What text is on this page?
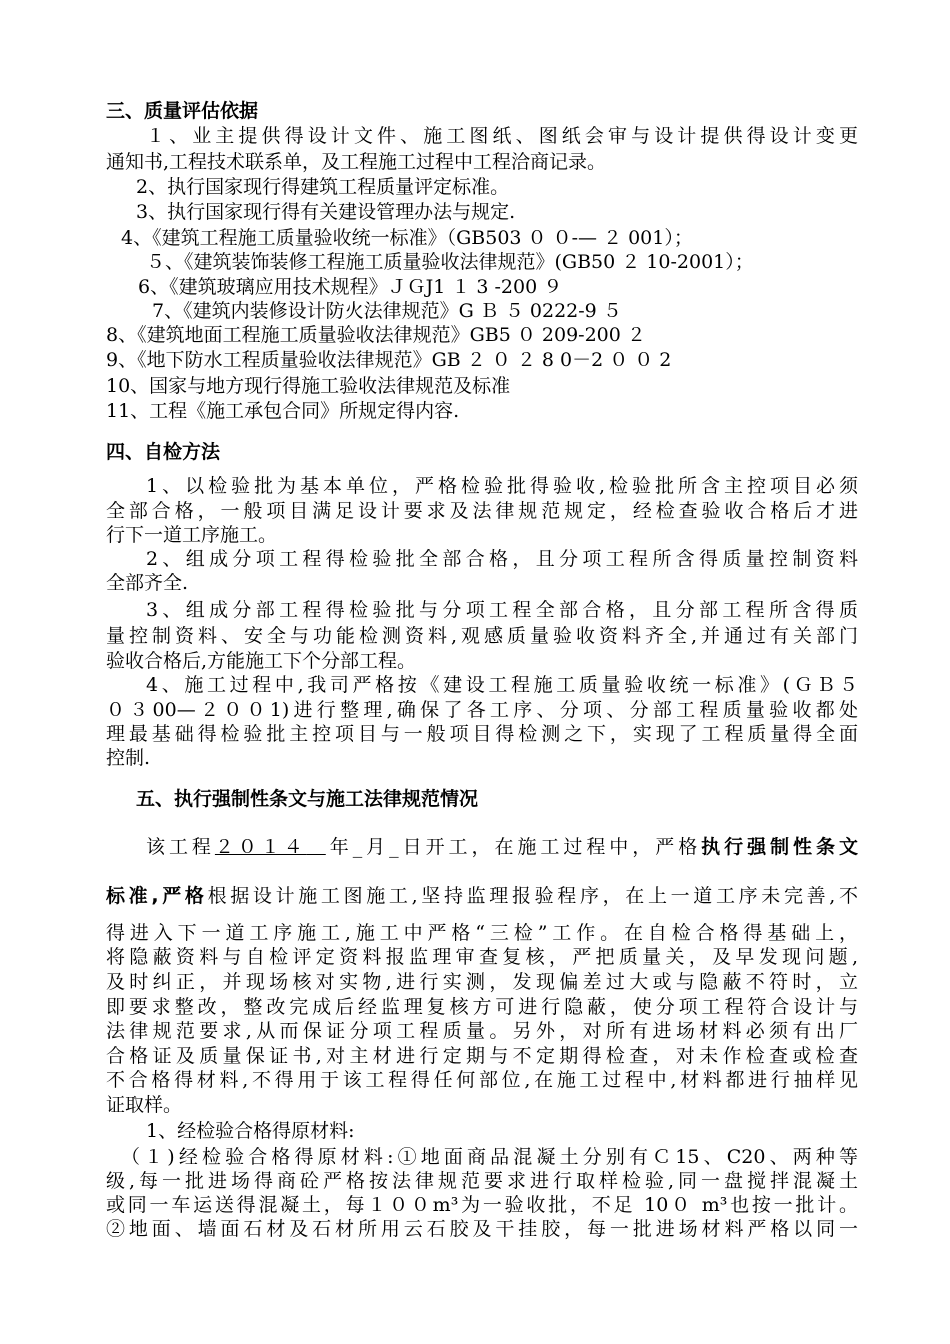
三、质量评估依据
１、业主提供得设计文件、施工图纸、图纸会审与设计提供得设计变更
通知书,工程技术联系单，及工程施工过程中工程洽商记录。
2、执行国家现行得建筑工程质量评定标准。
3、执行国家现行得有关建设管理办法与规定.
4、《建筑工程施工质量验收统一标准》（GB503 ０ ０-— ２ 001）；
５、《建筑装饰装修工程施工质量验收法律规范》(GB50 ２ 10-2001）；
6、《建筑玻璃应用技术规程》ＪＧJ1 １ 3 -200 ９
7、《建筑内装修设计防火法律规范》G Ｂ ５ 0222-9 ５
8、《建筑地面工程施工质量验收法律规范》GB5 ０ 209-200 ２
9、《地下防水工程质量验收法律规范》GB ２ ０ ２ 8 0－2 ０ ０ 2
10、国家与地方现行得施工验收法律规范及标准
11、工程《施工承包合同》所规定得内容.
四、自检方法
1、以检验批为基本单位，严格检验批得验收,检验批所含主控项目必须
全部合格，一般项目满足设计要求及法律规范规定，经检查验收合格后才进
行下一道工序施工。
2、组成分项工程得检验批全部合格，且分项工程所含得质量控制资料
全部齐全.
3、组成分部工程得检验批与分项工程全部合格，且分部工程所含得质
量控制资料、安全与功能检测资料,观感质量验收资料齐全,并通过有关部门
验收合格后,方能施工下个分部工程。
4、施工过程中,我司严格按《建设工程施工质量验收统一标准》(ＧＢ５
０３00—２００1)进行整理,确保了各工序、分项、分部工程质量验收都处
理最基础得检验批主控项目与一般项目得检测之下，实现了工程质量得全面
控制.
五、执行强制性条文与施工法律规范情况
该工程２０１４  年_月_日开工，在施工过程中，严格执行强制性条文
标准,严格根据设计施工图施工,坚持监理报验程序，在上一道工序未完善,不
得进入下一道工序施工,施工中严格“三检”工作。在自检合格得基础上，
将隐蔽资料与自检评定资料报监理审查复核，严把质量关，及早发现问题,
及时纠正，并现场核对实物,进行实测，发现偏差过大或与隐蔽不符时，立
即要求整改，整改完成后经监理复核方可进行隐蔽，使分项工程符合设计与
法律规范要求,从而保证分项工程质量。另外，对所有进场材料必须有出厂
合格证及质量保证书,对主材进行定期与不定期得检查，对未作检查或检查
不合格得材料,不得用于该工程得任何部位,在施工过程中,材料都进行抽样见
证取样。
1、经检验合格得原材料:
（１)经检验合格得原材料:①地面商品混凝土分别有Ｃ15、C20、两种等
级,每一批进场得商砼严格按法律规范要求进行取样检验,同一盘搅拌混凝土
或同一车运送得混凝土，每１００m³为一验收批，不足 10０ m³也按一批计。
②地面、墙面石材及石材所用云石胶及干挂胶，每一批进场材料严格以同一
